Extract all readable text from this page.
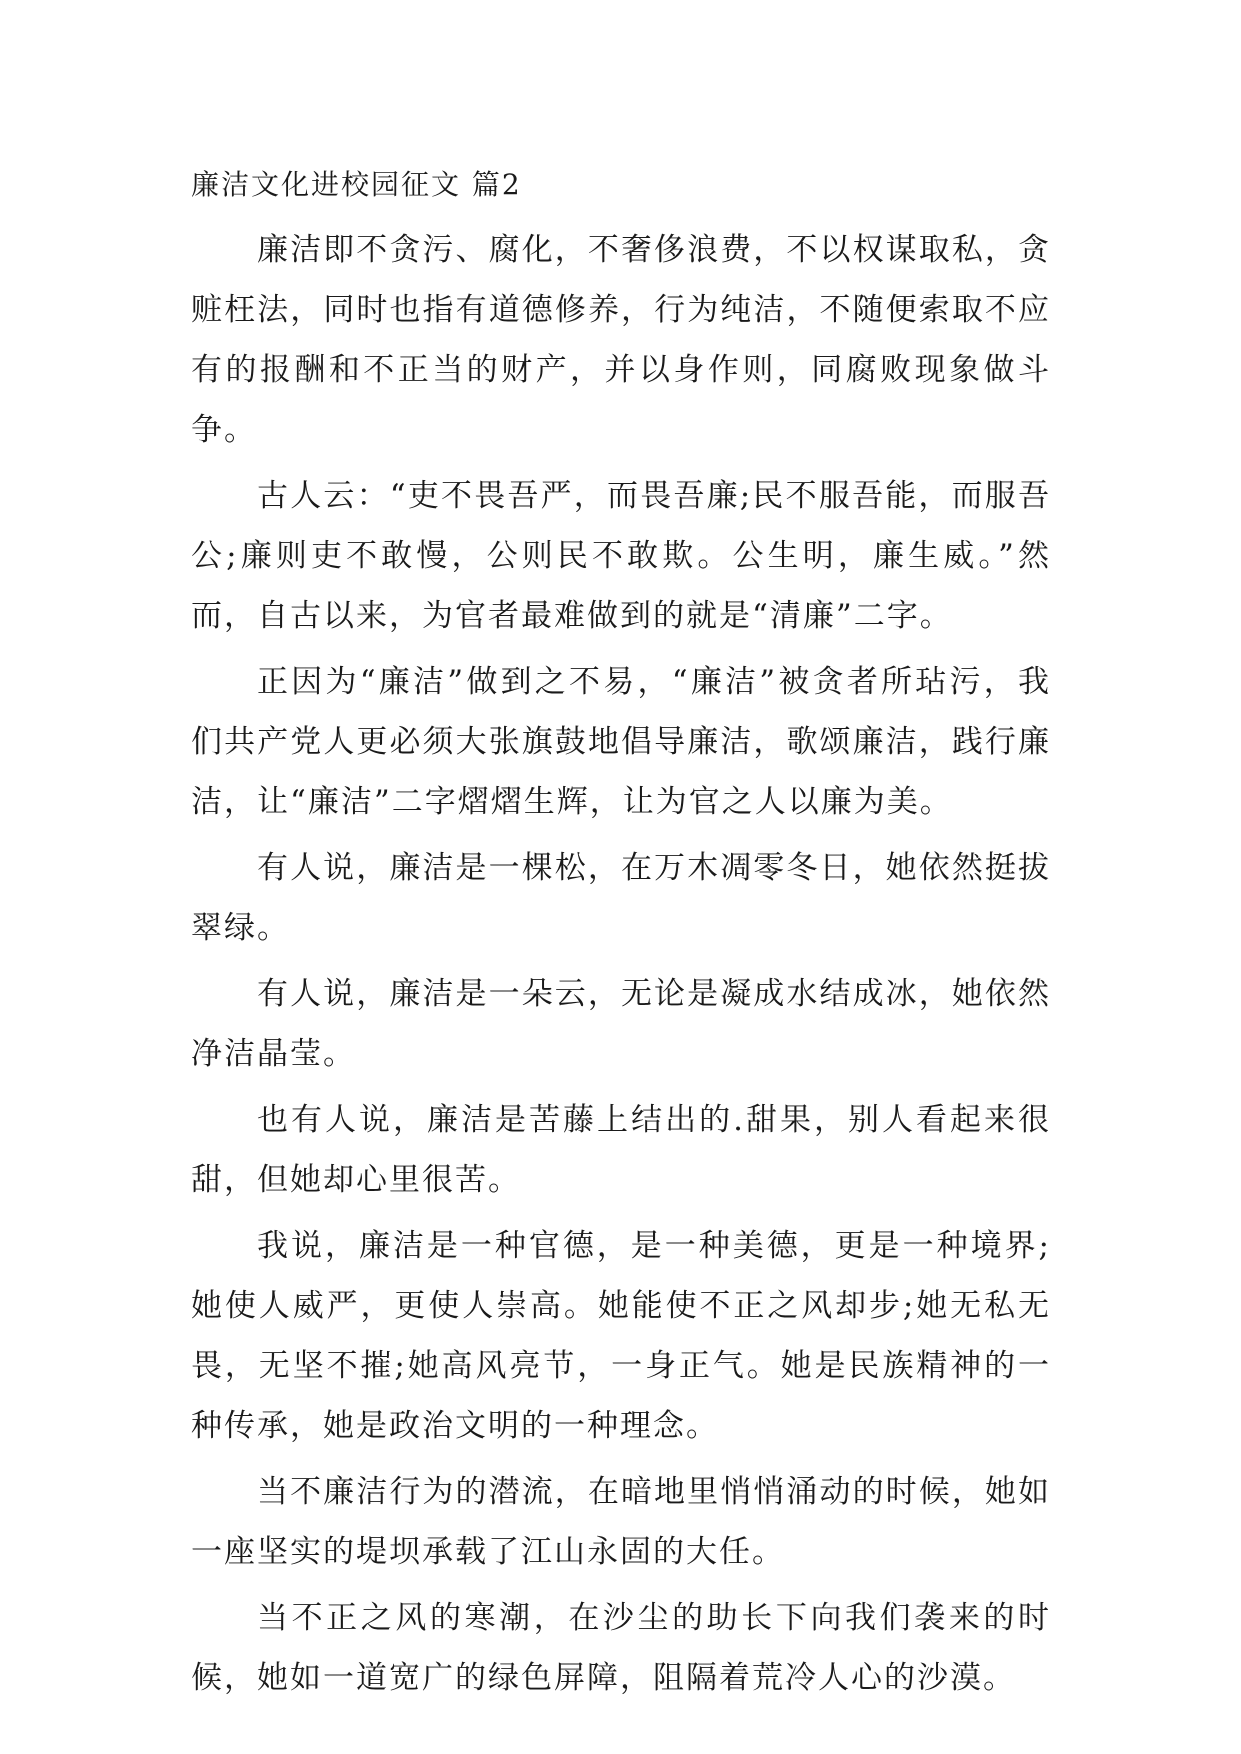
廉洁文化进校园征文 篇2

廉洁即不贪污、腐化，不奢侈浪费，不以权谋取私，贪赃枉法，同时也指有道德修养，行为纯洁，不随便索取不应有的报酬和不正当的财产，并以身作则，同腐败现象做斗争。

古人云：“吏不畏吾严，而畏吾廉;民不服吾能，而服吾公;廉则吏不敢慢，公则民不敢欺。公生明，廉生威。”然而，自古以来，为官者最难做到的就是“清廉”二字。

正因为“廉洁”做到之不易，“廉洁”被贪者所玷污，我们共产党人更必须大张旗鼓地倡导廉洁，歌颂廉洁，践行廉洁，让“廉洁”二字熠熠生辉，让为官之人以廉为美。

有人说，廉洁是一棵松，在万木凋零冬日，她依然挺拔翠绿。

有人说，廉洁是一朵云，无论是凝成水结成冰，她依然净洁晶莹。

也有人说，廉洁是苦藤上结出的.甜果，别人看起来很甜，但她却心里很苦。

我说，廉洁是一种官德，是一种美德，更是一种境界;她使人威严，更使人崇高。她能使不正之风却步;她无私无畏，无坚不摧;她高风亮节，一身正气。她是民族精神的一种传承，她是政治文明的一种理念。

当不廉洁行为的潜流，在暗地里悄悄涌动的时候，她如一座坚实的堤坝承载了江山永固的大任。

当不正之风的寒潮，在沙尘的助长下向我们袭来的时候，她如一道宽广的绿色屏障，阻隔着荒冷人心的沙漠。
